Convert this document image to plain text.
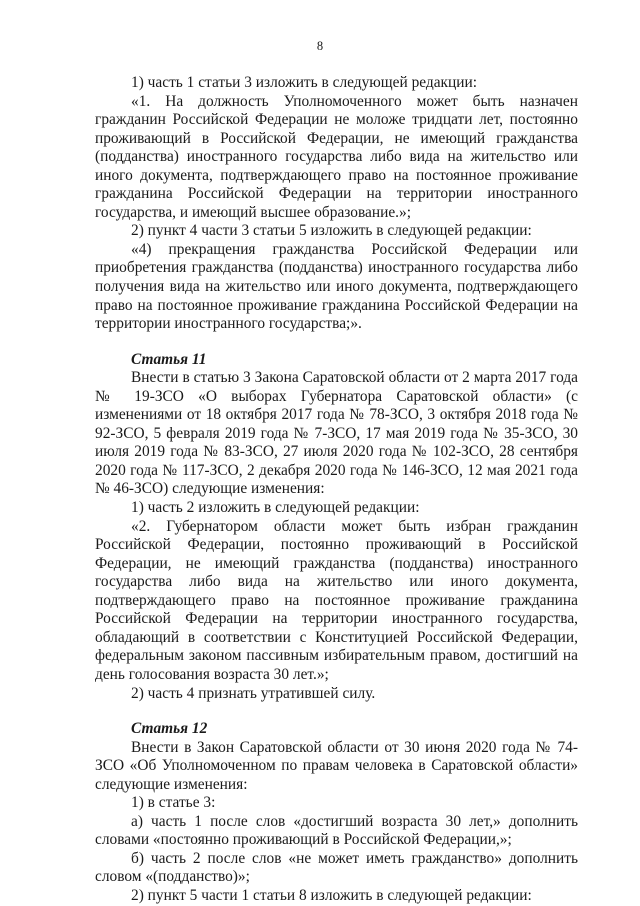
8

1) часть 1 статьи 3 изложить в следующей редакции:

«1. На должность Уполномоченного может быть назначен гражданин Российской Федерации не моложе тридцати лет, постоянно проживающий в Российской Федерации, не имеющий гражданства (подданства) иностранного государства либо вида на жительство или иного документа, подтверждающего право на постоянное проживание гражданина Российской Федерации на территории иностранного государства, и имеющий высшее образование.»;

2) пункт 4 части 3 статьи 5 изложить в следующей редакции:

«4) прекращения гражданства Российской Федерации или приобретения гражданства (подданства) иностранного государства либо получения вида на жительство или иного документа, подтверждающего право на постоянное проживание гражданина Российской Федерации на территории иностранного государства;».

Статья 11

Внести в статью 3 Закона Саратовской области от 2 марта 2017 года № 19-ЗСО «О выборах Губернатора Саратовской области» (с изменениями от 18 октября 2017 года № 78-ЗСО, 3 октября 2018 года № 92-ЗСО, 5 февраля 2019 года № 7-ЗСО, 17 мая 2019 года № 35-ЗСО, 30 июля 2019 года № 83-ЗСО, 27 июля 2020 года № 102-ЗСО, 28 сентября 2020 года № 117-ЗСО, 2 декабря 2020 года № 146-ЗСО, 12 мая 2021 года № 46-ЗСО) следующие изменения:

1) часть 2 изложить в следующей редакции:

«2. Губернатором области может быть избран гражданин Российской Федерации, постоянно проживающий в Российской Федерации, не имеющий гражданства (подданства) иностранного государства либо вида на жительство или иного документа, подтверждающего право на постоянное проживание гражданина Российской Федерации на территории иностранного государства, обладающий в соответствии с Конституцией Российской Федерации, федеральным законом пассивным избирательным правом, достигший на день голосования возраста 30 лет.»;

2) часть 4 признать утратившей силу.

Статья 12

Внести в Закон Саратовской области от 30 июня 2020 года № 74-ЗСО «Об Уполномоченном по правам человека в Саратовской области» следующие изменения:

1) в статье 3:

а) часть 1 после слов «достигший возраста 30 лет,» дополнить словами «постоянно проживающий в Российской Федерации,»;

б) часть 2 после слов «не может иметь гражданство» дополнить словом «(подданство)»;

2) пункт 5 части 1 статьи 8 изложить в следующей редакции:
